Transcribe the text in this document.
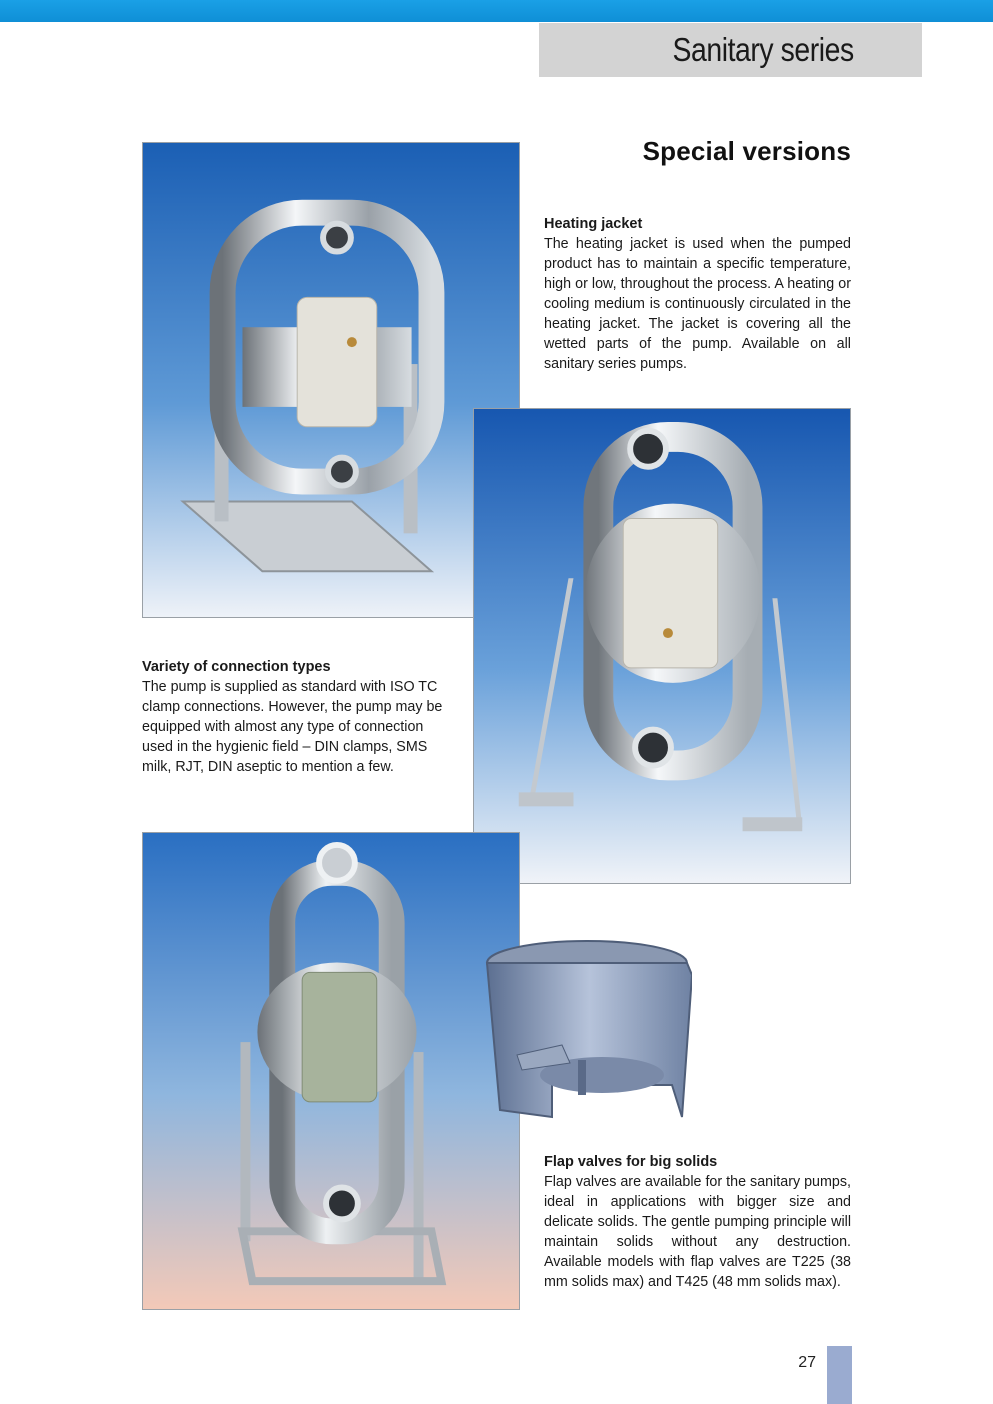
Sanitary series
Special versions
Heating jacket

The heating jacket is used when the pumped product has to maintain a specific temperature, high or low, throughout the process. A heating or cooling medium is continuously circulated in the heating jacket. The jacket is covering all the wetted parts of the pump. Available on all sanitary series pumps.

Variety of connection types

The pump is supplied as standard with ISO TC clamp connections. However, the pump may be equipped with almost any type of connection used in the hygienic field – DIN clamps, SMS milk, RJT, DIN aseptic to mention a few.

Flap valves for big solids

Flap valves are available for the sanitary pumps, ideal in applications with bigger size and delicate solids. The gentle pumping principle will maintain solids without any destruction. Available models with flap valves are T225 (38 mm solids max) and T425 (48 mm solids max).

27
